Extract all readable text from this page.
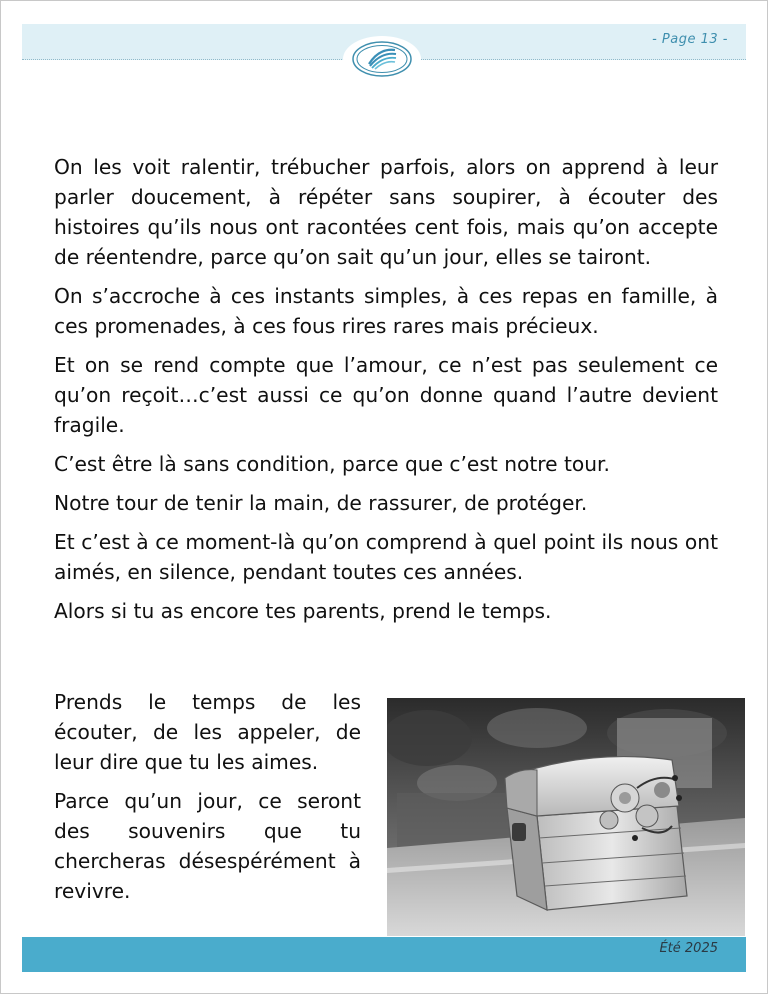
- Page 13 -

On les voit ralentir, trébucher parfois, alors on apprend à leur parler doucement, à répéter sans soupirer, à écouter des histoires qu’ils nous ont racontées cent fois, mais qu’on accepte de réentendre, parce qu’on sait qu’un jour, elles se tairont.

On s’accroche à ces instants simples, à ces repas en famille, à ces promenades, à ces fous rires rares mais précieux.

Et on se rend compte que l’amour, ce n’est pas seulement ce qu’on reçoit…c’est aussi ce qu’on donne quand l’autre devient fragile.

C’est être là sans condition, parce que c’est notre tour.

Notre tour de tenir la main, de rassurer, de protéger.

Et c’est à ce moment-là qu’on comprend à quel point ils nous ont aimés, en silence, pendant toutes ces années.

Alors si tu as encore tes parents, prend le temps.

Prends le temps de les écouter, de les appeler, de leur dire que tu les aimes.

Parce qu’un jour, ce seront des souvenirs que tu chercheras désespérément à revivre.

Été 2025
